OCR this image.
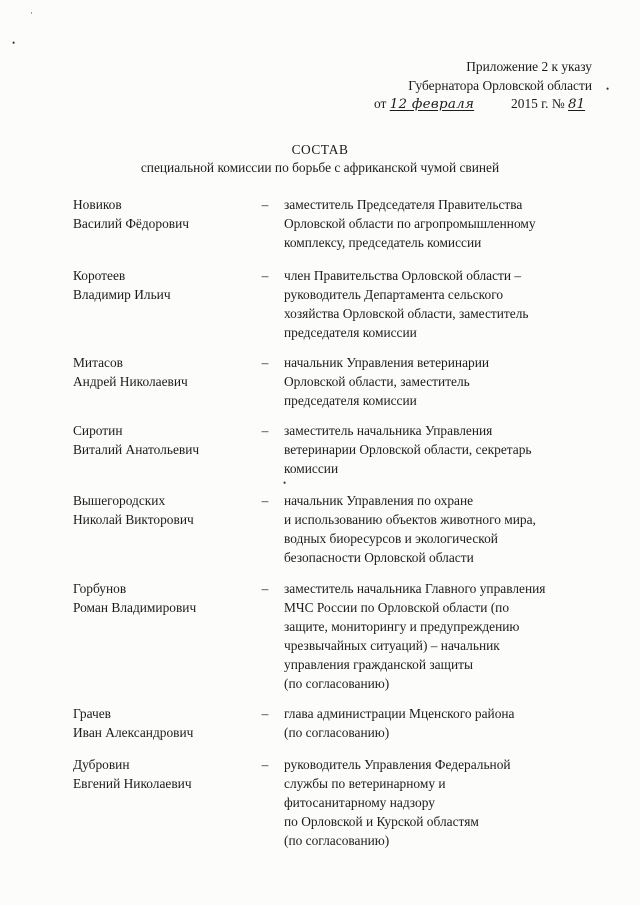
·
•
•
•
Приложение 2 к указу
Губернатора Орловской области
от 12 февраля	2015 г. № 81
СОСТАВ
специальной комиссии по борьбе с африканской чумой свиней
Новиков
Василий Фёдорович
– заместитель Председателя Правительства
Орловской области по агропромышленному
комплексу, председатель комиссии
Коротеев
Владимир Ильич
– член Правительства Орловской области –
руководитель Департамента сельского
хозяйства Орловской области, заместитель
председателя комиссии
Митасов
Андрей Николаевич
– начальник Управления ветеринарии
Орловской области, заместитель
председателя комиссии
Сиротин
Виталий Анатольевич
– заместитель начальника Управления
ветеринарии Орловской области, секретарь
комиссии
Вышегородских
Николай Викторович
– начальник Управления по охране
и использованию объектов животного мира,
водных биоресурсов и экологической
безопасности Орловской области
Горбунов
Роман Владимирович
– заместитель начальника Главного управления
МЧС России по Орловской области (по
защите, мониторингу и предупреждению
чрезвычайных ситуаций) – начальник
управления гражданской защиты
(по согласованию)
Грачев
Иван Александрович
– глава администрации Мценского района
(по согласованию)
Дубровин
Евгений Николаевич
– руководитель Управления Федеральной
службы по ветеринарному и
фитосанитарному надзору
по Орловской и Курской областям
(по согласованию)
